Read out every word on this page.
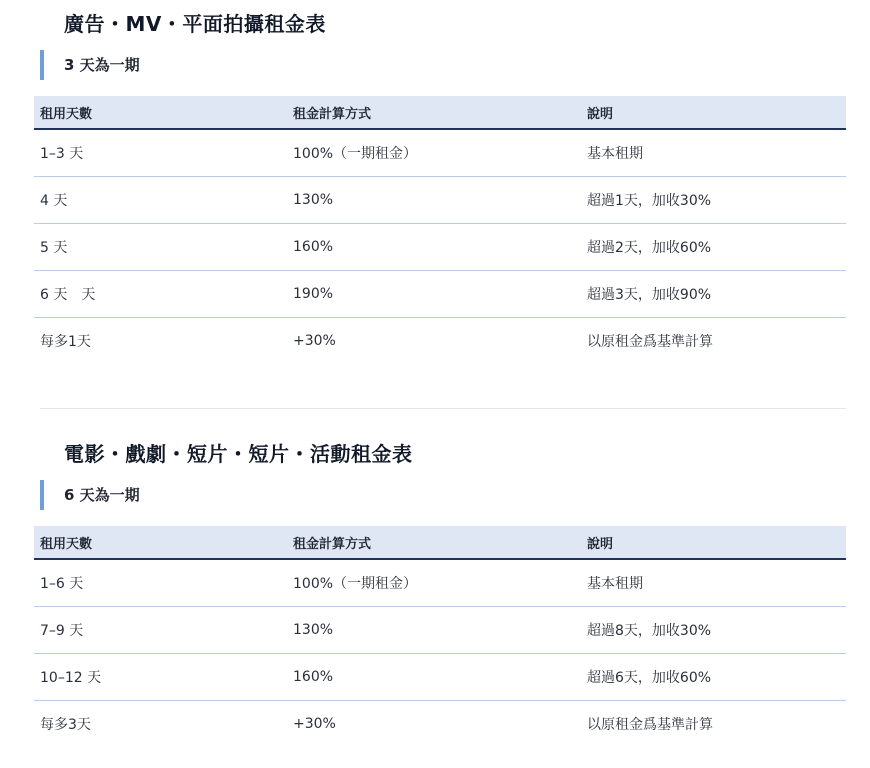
廣告・MV・平面拍攝租金表
3 天為一期
租用天數	租金計算方式	說明
1–3 天	100%（一期租金）	基本租期
4 天	130%	超過1天，加收30%
5 天	160%	超過2天，加收60%
6 天　天	190%	超過3天，加收90%
每多1天	+30%	以原租金爲基準計算
電影・戲劇・短片・短片・活動租金表
6 天為一期
租用天數	租金計算方式	說明
1–6 天	100%（一期租金）	基本租期
7–9 天	130%	超過8天，加收30%
10–12 天	160%	超過6天，加收60%
每多3天	+30%	以原租金爲基準計算
